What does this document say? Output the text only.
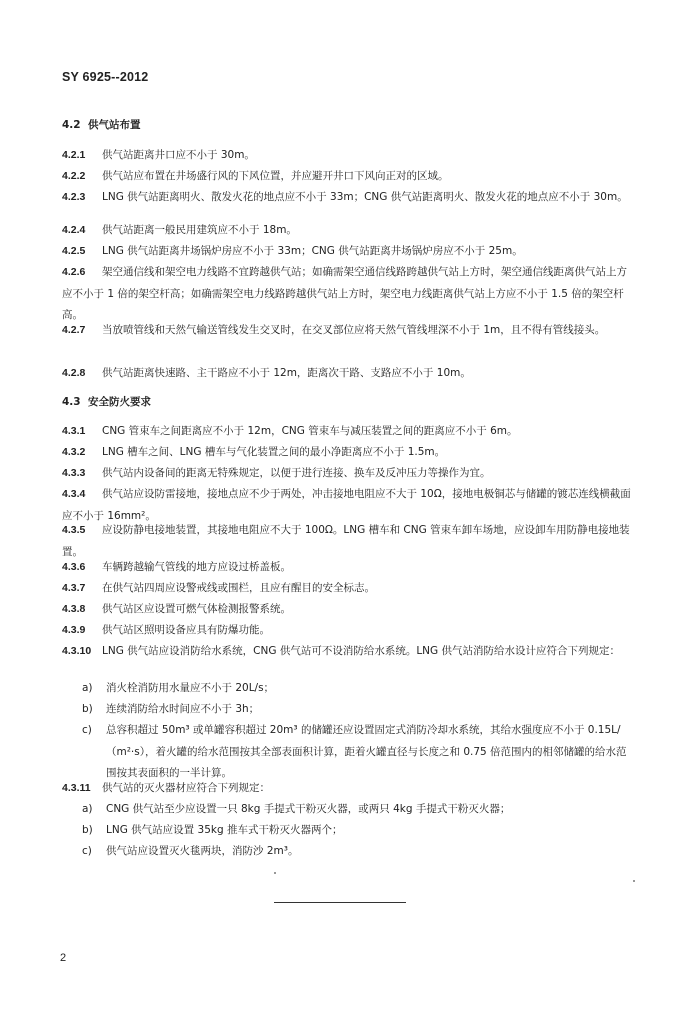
SY 6925--2012
4.2 供气站布置
4.2.1 供气站距离井口应不小于 30m。
4.2.2 供气站应布置在井场盛行风的下风位置，并应避开井口下风向正对的区域。
4.2.3 LNG 供气站距离明火、散发火花的地点应不小于 33m；CNG 供气站距离明火、散发火花的地点应不小于 30m。
4.2.4 供气站距离一般民用建筑应不小于 18m。
4.2.5 LNG 供气站距离井场锅炉房应不小于 33m；CNG 供气站距离井场锅炉房应不小于 25m。
4.2.6 架空通信线和架空电力线路不宜跨越供气站；如确需架空通信线路跨越供气站上方时，架空通信线距离供气站上方应不小于 1 倍的架空杆高；如确需架空电力线路跨越供气站上方时，架空电力线距离供气站上方应不小于 1.5 倍的架空杆高。
4.2.7 当放喷管线和天然气输送管线发生交叉时，在交叉部位应将天然气管线埋深不小于 1m，且不得有管线接头。
4.2.8 供气站距离快速路、主干路应不小于 12m，距离次干路、支路应不小于 10m。
4.3 安全防火要求
4.3.1 CNG 管束车之间距离应不小于 12m，CNG 管束车与减压装置之间的距离应不小于 6m。
4.3.2 LNG 槽车之间、LNG 槽车与气化装置之间的最小净距离应不小于 1.5m。
4.3.3 供气站内设备间的距离无特殊规定，以便于进行连接、换车及反冲压力等操作为宜。
4.3.4 供气站应设防雷接地，接地点应不少于两处，冲击接地电阻应不大于 10Ω，接地电极铜芯与储罐的镀芯连线横截面应不小于 16mm²。
4.3.5 应设防静电接地装置，其接地电阻应不大于 100Ω。LNG 槽车和 CNG 管束车卸车场地，应设卸车用防静电接地装置。
4.3.6 车辆跨越输气管线的地方应设过桥盖板。
4.3.7 在供气站四周应设警戒线或围栏，且应有醒目的安全标志。
4.3.8 供气站区应设置可燃气体检测报警系统。
4.3.9 供气站区照明设备应具有防爆功能。
4.3.10 LNG 供气站应设消防给水系统，CNG 供气站可不设消防给水系统。LNG 供气站消防给水设计应符合下列规定：
a) 消火栓消防用水量应不小于 20L/s；
b) 连续消防给水时间应不小于 3h；
c) 总容积超过 50m³ 或单罐容积超过 20m³ 的储罐还应设置固定式消防冷却水系统，其给水强度应不小于 0.15L/（m²·s），着火罐的给水范围按其全部表面积计算，距着火罐直径与长度之和 0.75 倍范围内的相邻储罐的给水范围按其表面积的一半计算。
4.3.11 供气站的灭火器材应符合下列规定：
a) CNG 供气站至少应设置一只 8kg 手提式干粉灭火器，或两只 4kg 手提式干粉灭火器；
b) LNG 供气站应设置 35kg 推车式干粉灭火器两个；
c) 供气站应设置灭火毯两块，消防沙 2m³。
2
